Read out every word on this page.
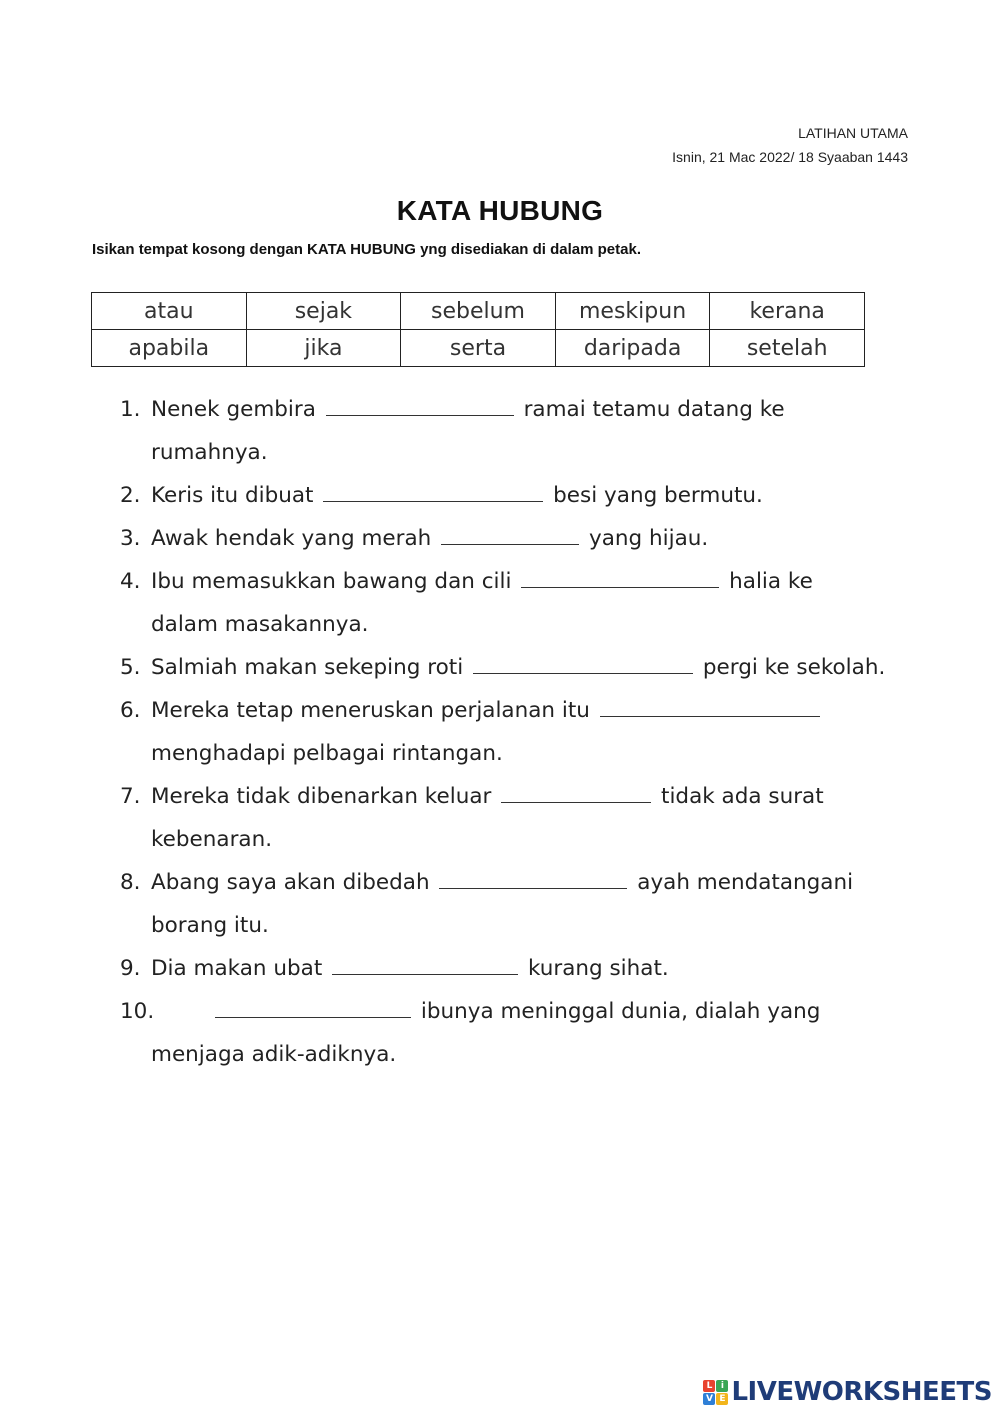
LATIHAN UTAMA
Isnin, 21 Mac 2022/ 18 Syaaban 1443
KATA HUBUNG
Isikan tempat kosong dengan KATA HUBUNG yng disediakan di dalam petak.
atau	sejak	sebelum	meskipun	kerana
apabila	jika	serta	daripada	setelah
1. Nenek gembira	ramai tetamu datang ke
rumahnya.
2. Keris itu dibuat	besi yang bermutu.
3. Awak hendak yang merah	yang hijau.
4. Ibu memasukkan bawang dan cili	halia ke
dalam masakannya.
5. Salmiah makan sekeping roti	pergi ke sekolah.
6. Mereka tetap meneruskan perjalanan itu
menghadapi pelbagai rintangan.
7. Mereka tidak dibenarkan keluar	tidak ada surat
kebenaran.
8. Abang saya akan dibedah	ayah mendatangani
borang itu.
9. Dia makan ubat	kurang sihat.
10.	ibunya meninggal dunia, dialah yang
menjaga adik-adiknya.
L i
V E LIVEWORKSHEETS
